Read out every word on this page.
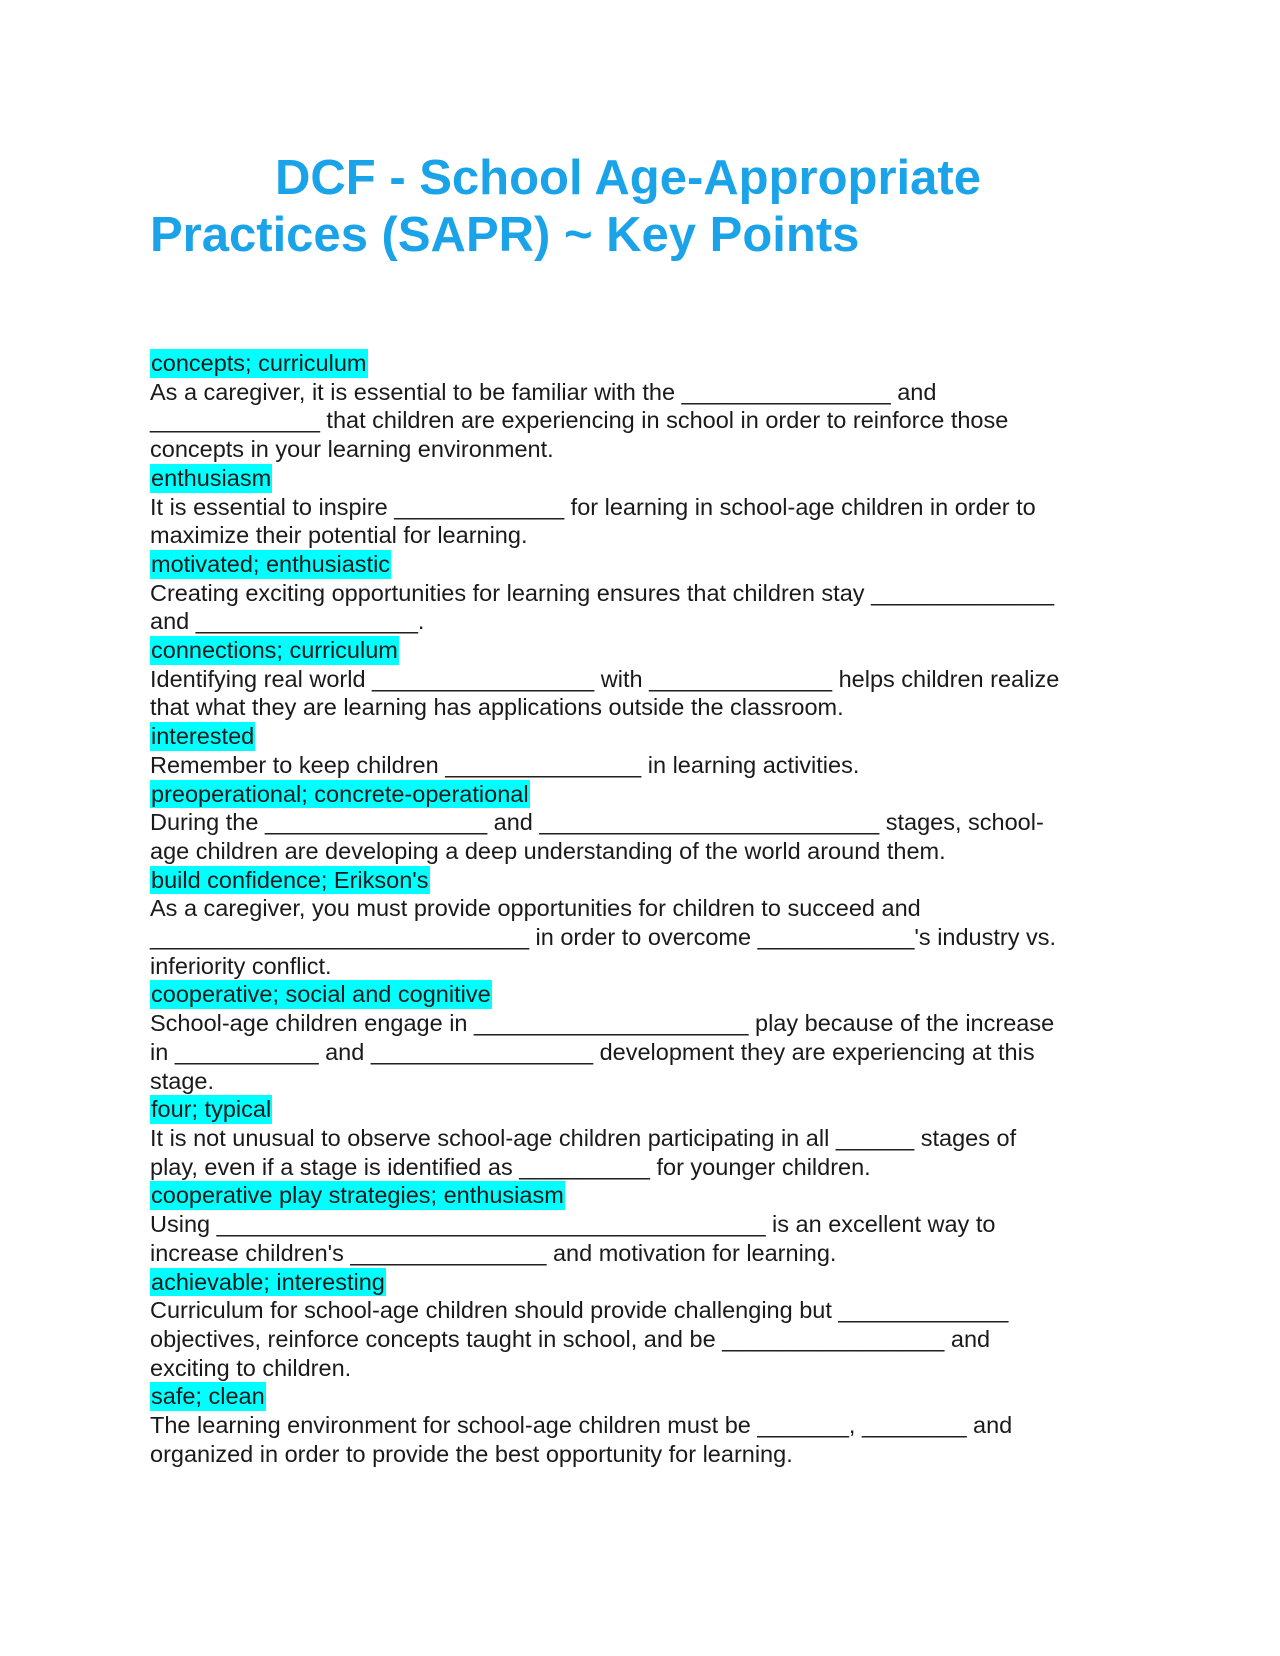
DCF - School Age-Appropriate
Practices (SAPR) ~ Key Points
concepts; curriculum

As a caregiver, it is essential to be familiar with the ________________ and
_____________ that children are experiencing in school in order to reinforce those
concepts in your learning environment.

enthusiasm

It is essential to inspire _____________ for learning in school-age children in order to
maximize their potential for learning.

motivated; enthusiastic

Creating exciting opportunities for learning ensures that children stay ______________
and _________________.

connections; curriculum

Identifying real world _________________ with ______________ helps children realize
that what they are learning has applications outside the classroom.

interested

Remember to keep children _______________ in learning activities.

preoperational; concrete-operational

During the _________________ and __________________________ stages, school-
age children are developing a deep understanding of the world around them.

build confidence; Erikson's

As a caregiver, you must provide opportunities for children to succeed and
_____________________________ in order to overcome ____________'s industry vs.
inferiority conflict.

cooperative; social and cognitive

School-age children engage in _____________________ play because of the increase
in ___________ and _________________ development they are experiencing at this
stage.

four; typical

It is not unusual to observe school-age children participating in all ______ stages of
play, even if a stage is identified as __________ for younger children.

cooperative play strategies; enthusiasm

Using __________________________________________ is an excellent way to
increase children's _______________ and motivation for learning.

achievable; interesting

Curriculum for school-age children should provide challenging but _____________
objectives, reinforce concepts taught in school, and be _________________ and
exciting to children.

safe; clean

The learning environment for school-age children must be _______, ________ and
organized in order to provide the best opportunity for learning.
